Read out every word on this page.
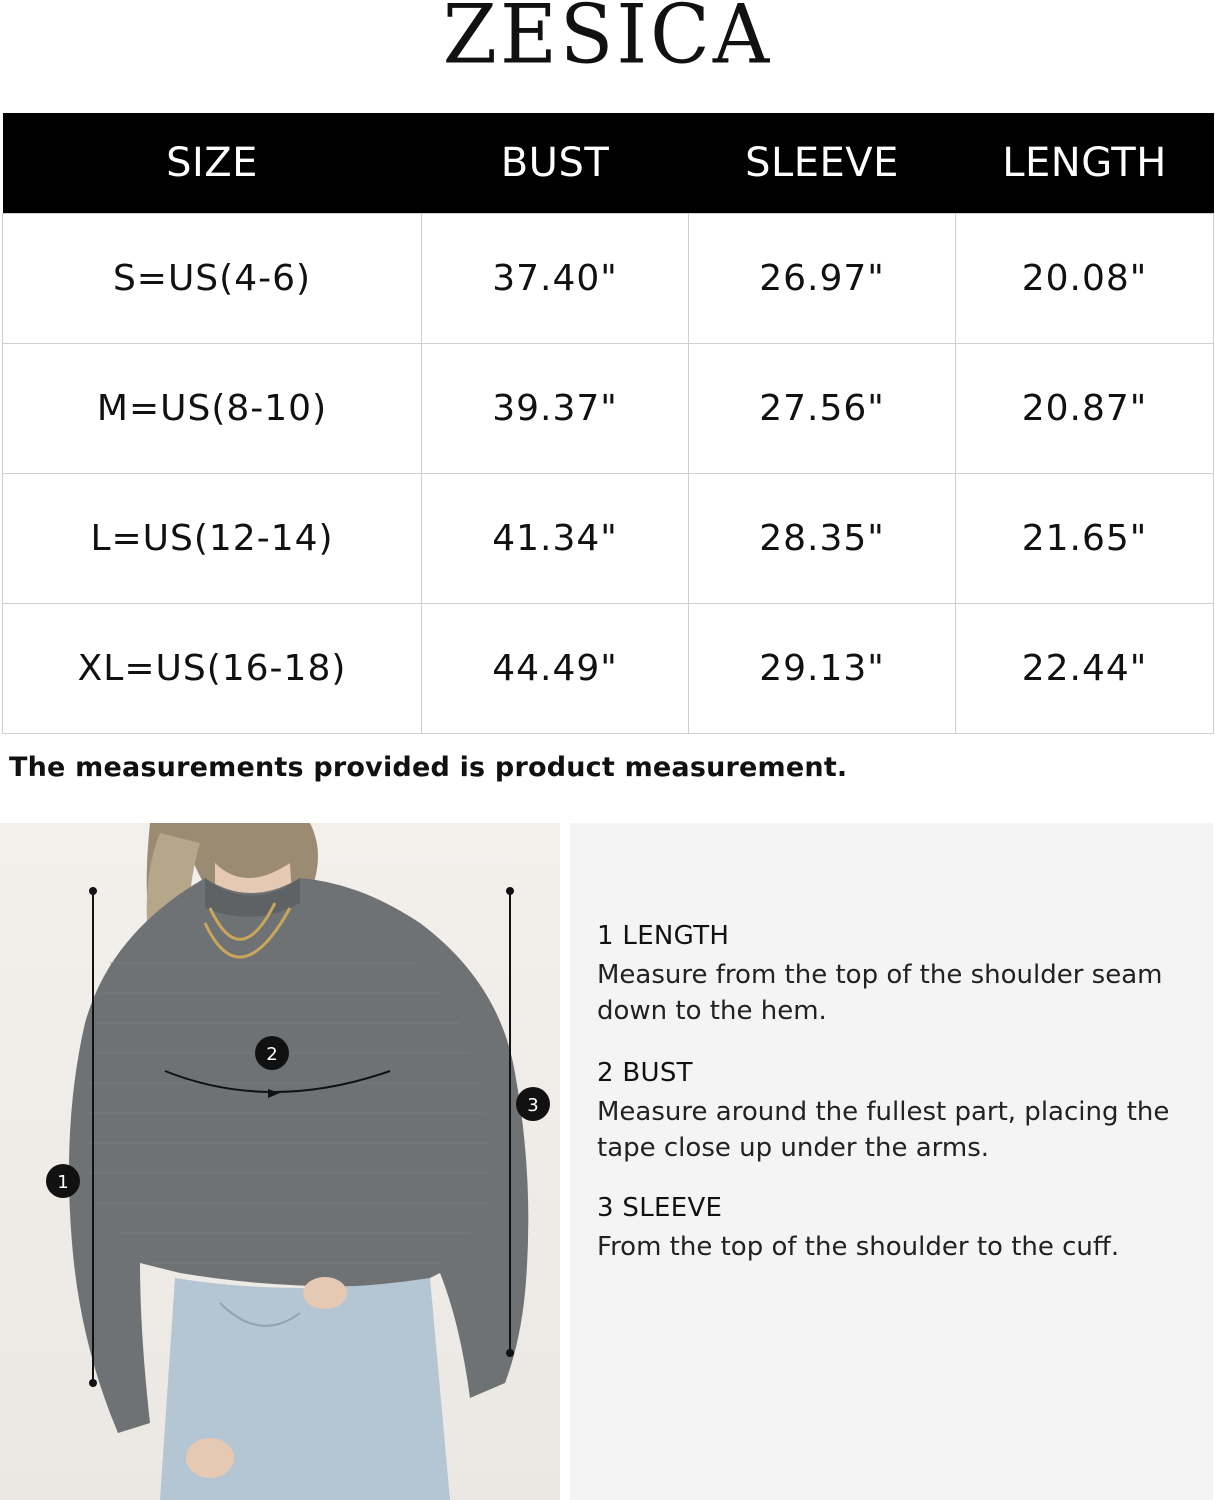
ZESICA
SIZE	BUST	SLEEVE	LENGTH
S=US(4-6)	37.40"	26.97"	20.08"
M=US(8-10)	39.37"	27.56"	20.87"
L=US(12-14)	41.34"	28.35"	21.65"
XL=US(16-18)	44.49"	29.13"	22.44"
The measurements provided is product measurement.
1
2
3
1 LENGTH
Measure from the top of the shoulder seam down to the hem.
2 BUST
Measure around the fullest part, placing the tape close up under the arms.
3 SLEEVE
From the top of the shoulder to the cuff.
